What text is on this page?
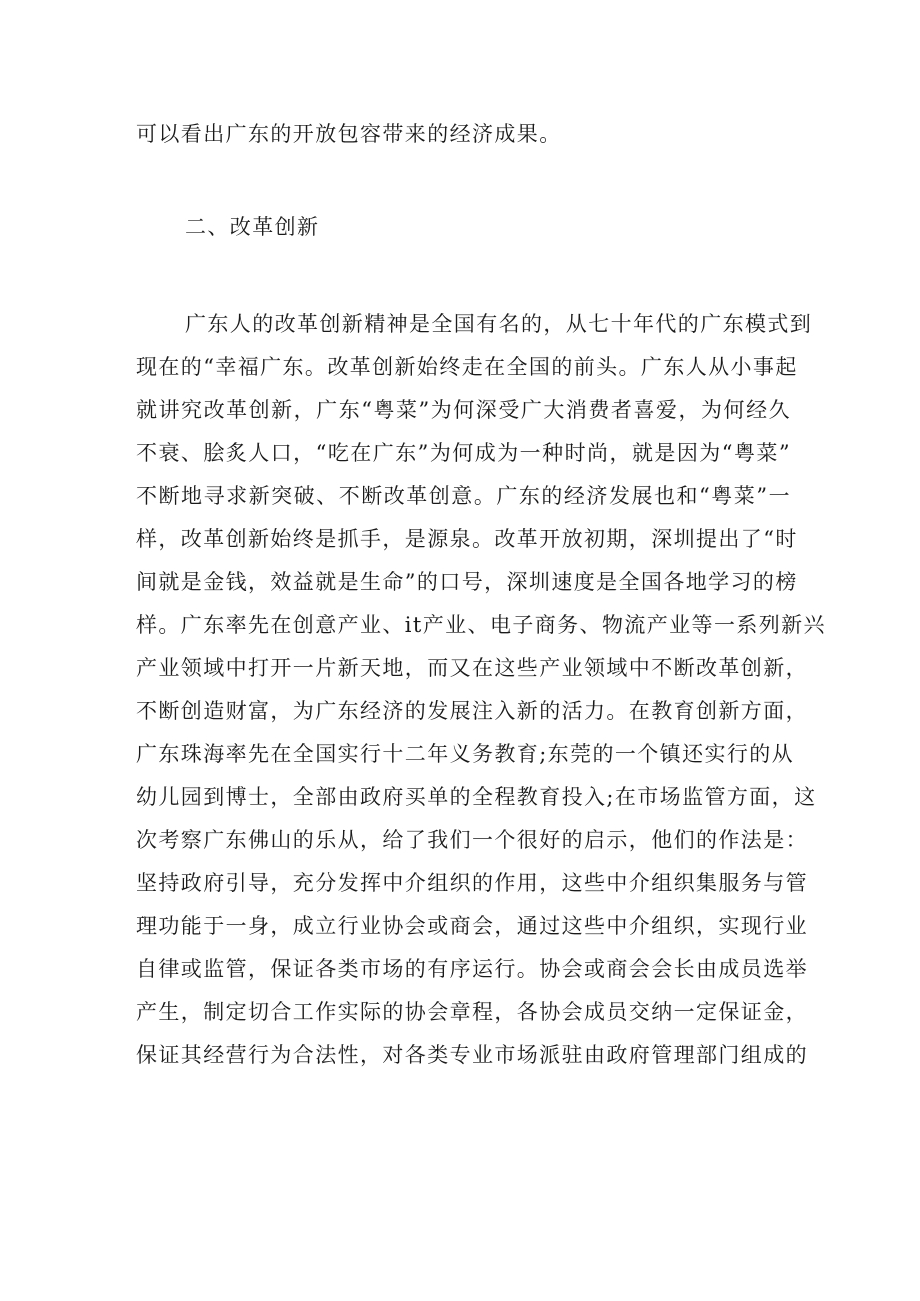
可以看出广东的开放包容带来的经济成果。
二、改革创新
广东人的改革创新精神是全国有名的，从七十年代的广东模式到
现在的“幸福广东。改革创新始终走在全国的前头。广东人从小事起
就讲究改革创新，广东“粤菜”为何深受广大消费者喜爱，为何经久
不衰、脍炙人口，“吃在广东”为何成为一种时尚，就是因为“粤菜”
不断地寻求新突破、不断改革创意。广东的经济发展也和“粤菜”一
样，改革创新始终是抓手，是源泉。改革开放初期，深圳提出了“时
间就是金钱，效益就是生命”的口号，深圳速度是全国各地学习的榜
样。广东率先在创意产业、it产业、电子商务、物流产业等一系列新兴
产业领域中打开一片新天地，而又在这些产业领域中不断改革创新，
不断创造财富，为广东经济的发展注入新的活力。在教育创新方面，
广东珠海率先在全国实行十二年义务教育;东莞的一个镇还实行的从
幼儿园到博士，全部由政府买单的全程教育投入;在市场监管方面，这
次考察广东佛山的乐从，给了我们一个很好的启示，他们的作法是：
坚持政府引导，充分发挥中介组织的作用，这些中介组织集服务与管
理功能于一身，成立行业协会或商会，通过这些中介组织，实现行业
自律或监管，保证各类市场的有序运行。协会或商会会长由成员选举
产生，制定切合工作实际的协会章程，各协会成员交纳一定保证金，
保证其经营行为合法性，对各类专业市场派驻由政府管理部门组成的
